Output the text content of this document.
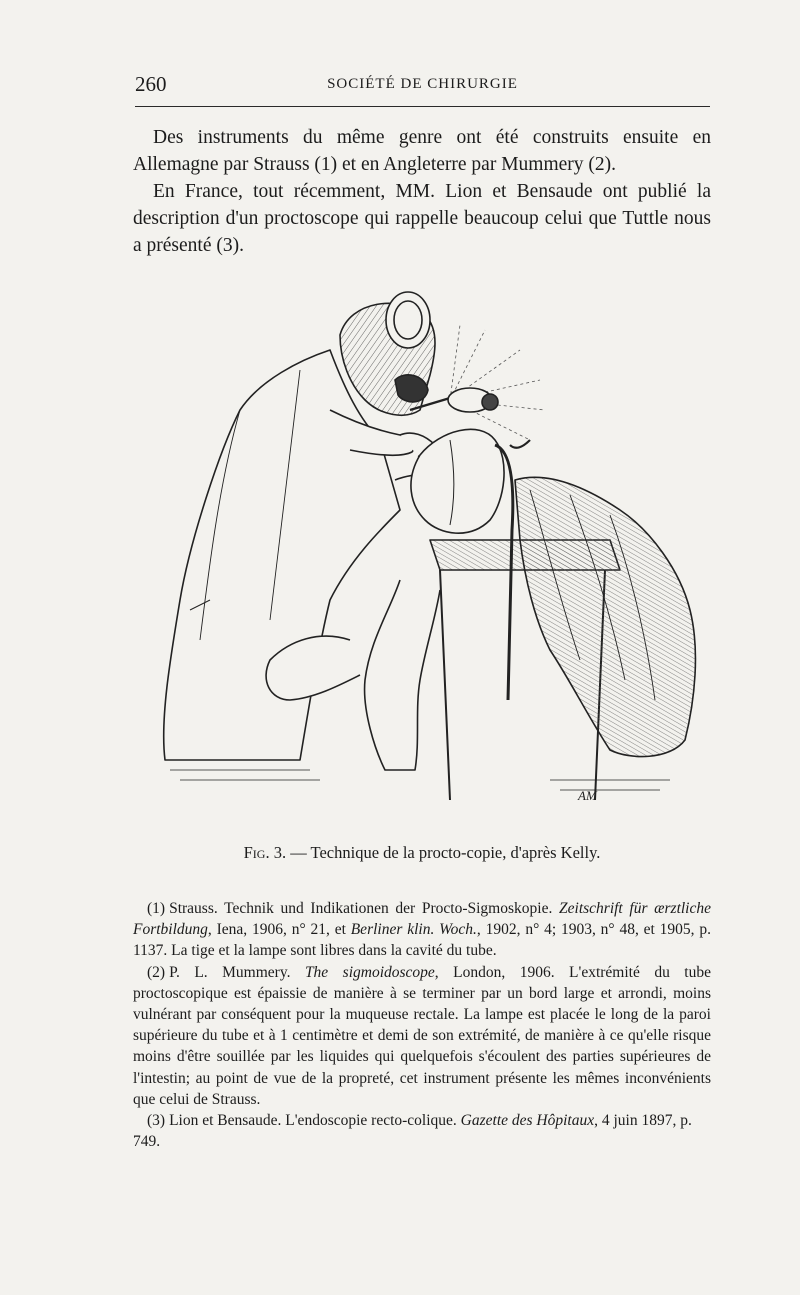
260	SOCIÉTÉ DE CHIRURGIE

Des instruments du même genre ont été construits ensuite en Allemagne par Strauss (1) et en Angleterre par Mummery (2).

En France, tout récemment, MM. Lion et Bensaude ont publié la description d'un proctoscope qui rappelle beaucoup celui que Tuttle nous a présenté (3).

AM
Fig. 3. — Technique de la procto-copie, d'après Kelly.

(1) Strauss. Technik und Indikationen der Procto-Sigmoskopie. Zeitschrift für ærztliche Fortbildung, Iena, 1906, n° 21, et Berliner klin. Woch., 1902, n° 4; 1903, n° 48, et 1905, p. 1137. La tige et la lampe sont libres dans la cavité du tube.

(2) P. L. Mummery. The sigmoidoscope, London, 1906. L'extrémité du tube proctoscopique est épaissie de manière à se terminer par un bord large et arrondi, moins vulnérant par conséquent pour la muqueuse rectale. La lampe est placée le long de la paroi supérieure du tube et à 1 centimètre et demi de son extrémité, de manière à ce qu'elle risque moins d'être souillée par les liquides qui quelquefois s'écoulent des parties supérieures de l'intestin; au point de vue de la propreté, cet instrument présente les mêmes inconvénients que celui de Strauss.

(3) Lion et Bensaude. L'endoscopie recto-colique. Gazette des Hôpitaux, 4 juin 1897, p. 749.
